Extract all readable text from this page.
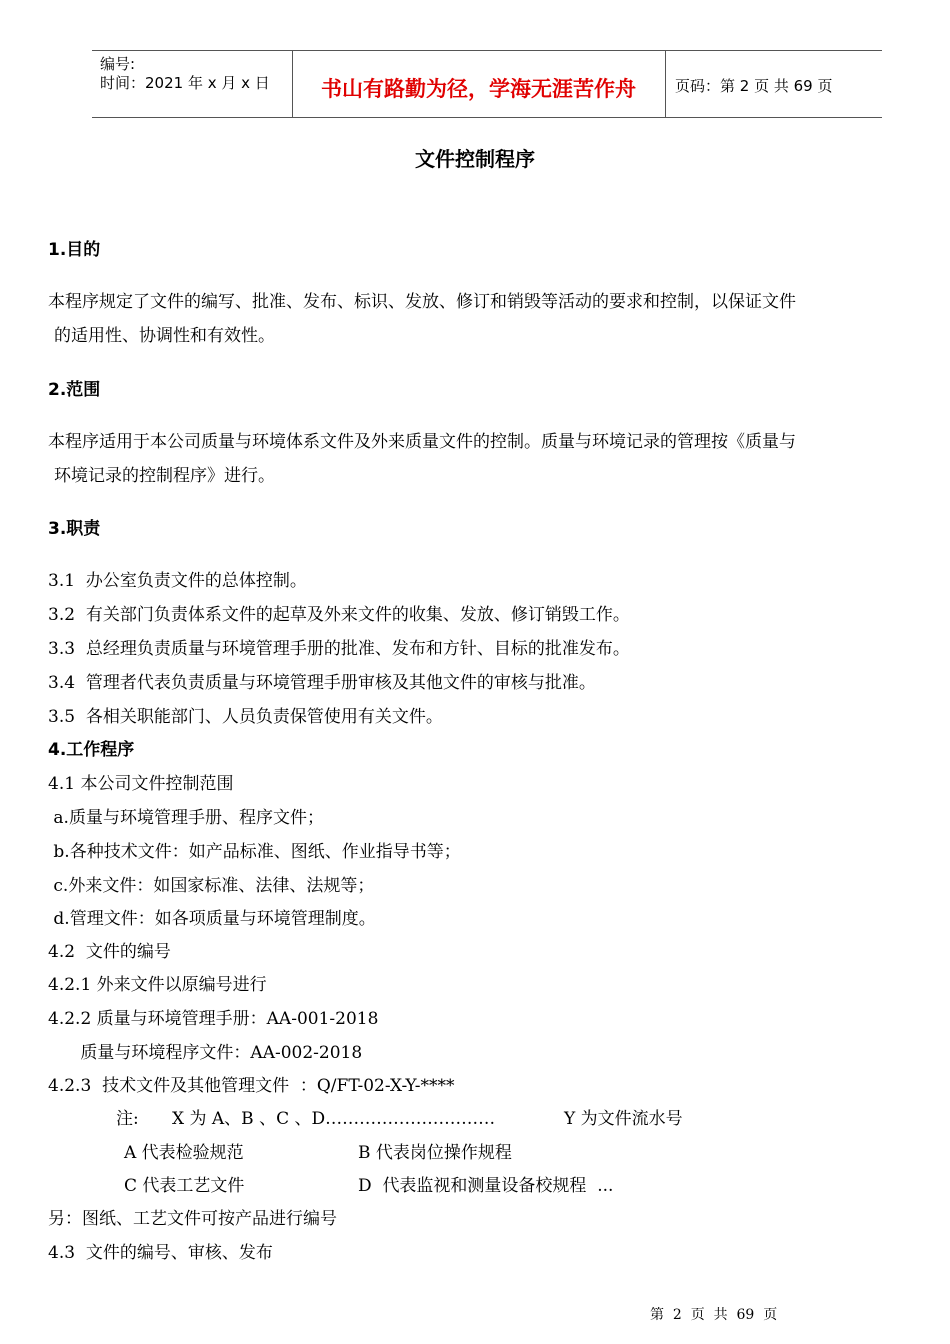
编号:
时间：2021 年 x 月 x 日	书山有路勤为径，学海无涯苦作舟	页码：第 2 页 共 69 页
文件控制程序
1.目的
本程序规定了文件的编写、批准、发布、标识、发放、修订和销毁等活动的要求和控制，以保证文件
的适用性、协调性和有效性。
2.范围
本程序适用于本公司质量与环境体系文件及外来质量文件的控制。质量与环境记录的管理按《质量与
环境记录的控制程序》进行。
3.职责
3.1  办公室负责文件的总体控制。
3.2  有关部门负责体系文件的起草及外来文件的收集、发放、修订销毁工作。
3.3  总经理负责质量与环境管理手册的批准、发布和方针、目标的批准发布。
3.4  管理者代表负责质量与环境管理手册审核及其他文件的审核与批准。
3.5  各相关职能部门、人员负责保管使用有关文件。
4.工作程序
4.1 本公司文件控制范围
a.质量与环境管理手册、程序文件；
b.各种技术文件：如产品标准、图纸、作业指导书等；
c.外来文件：如国家标准、法律、法规等；
d.管理文件：如各项质量与环境管理制度。
4.2  文件的编号
4.2.1 外来文件以原编号进行
4.2.2 质量与环境管理手册：AA-001-2018
质量与环境程序文件：AA-002-2018
4.2.3  技术文件及其他管理文件  ：Q/FT-02-X-Y-****
注: X 为 A、B 、C 、D…………………………	Y 为文件流水号
A 代表检验规范	B 代表岗位操作规程
C 代表工艺文件	D  代表监视和测量设备校规程  ...
另：图纸、工艺文件可按产品进行编号
4.3  文件的编号、审核、发布
第  2  页  共  69  页
